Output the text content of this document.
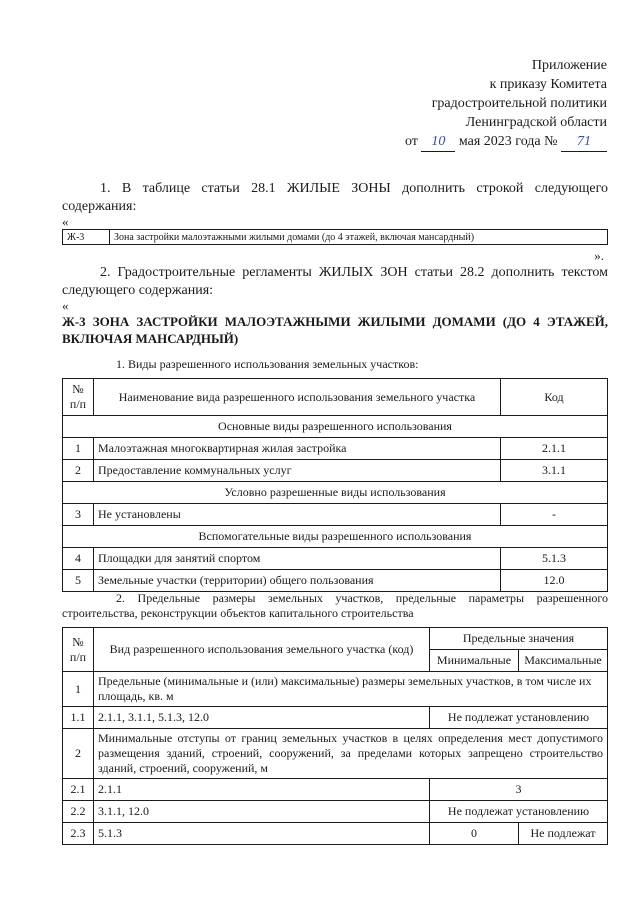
Приложение
к приказу Комитета
градостроительной политики
Ленинградской области
от 10 мая 2023 года № 71
1. В таблице статьи 28.1 ЖИЛЫЕ ЗОНЫ дополнить строкой следующего содержания:
«
Ж-3	Зона застройки малоэтажными жилыми домами (до 4 этажей, включая мансардный)
».
2. Градостроительные регламенты ЖИЛЫХ ЗОН статьи 28.2 дополнить текстом следующего содержания:
«
Ж-3 ЗОНА ЗАСТРОЙКИ МАЛОЭТАЖНЫМИ ЖИЛЫМИ ДОМАМИ (ДО 4 ЭТАЖЕЙ, ВКЛЮЧАЯ МАНСАРДНЫЙ)
1. Виды разрешенного использования земельных участков:
№ п/п	Наименование вида разрешенного использования земельного участка	Код
Основные виды разрешенного использования		
1	Малоэтажная многоквартирная жилая застройка	2.1.1
2	Предоставление коммунальных услуг	3.1.1
Условно разрешенные виды использования		
3	Не установлены	-
Вспомогательные виды разрешенного использования		
4	Площадки для занятий спортом	5.1.3
5	Земельные участки (территории) общего пользования	12.0
2. Предельные размеры земельных участков, предельные параметры разрешенного строительства, реконструкции объектов капитального строительства
№ п/п	Вид разрешенного использования земельного участка (код)	Предельные значения	
		Минимальные	Максимальные
1	Предельные (минимальные и (или) максимальные) размеры земельных участков, в том числе их площадь, кв. м		
1.1	2.1.1, 3.1.1, 5.1.3, 12.0	Не подлежат установлению	
2	Минимальные отступы от границ земельных участков в целях определения мест допустимого размещения зданий, строений, сооружений, за пределами которых запрещено строительство зданий, строений, сооружений, м		
2.1	2.1.1	3	
2.2	3.1.1, 12.0	Не подлежат установлению	
2.3	5.1.3	0	Не подлежат
